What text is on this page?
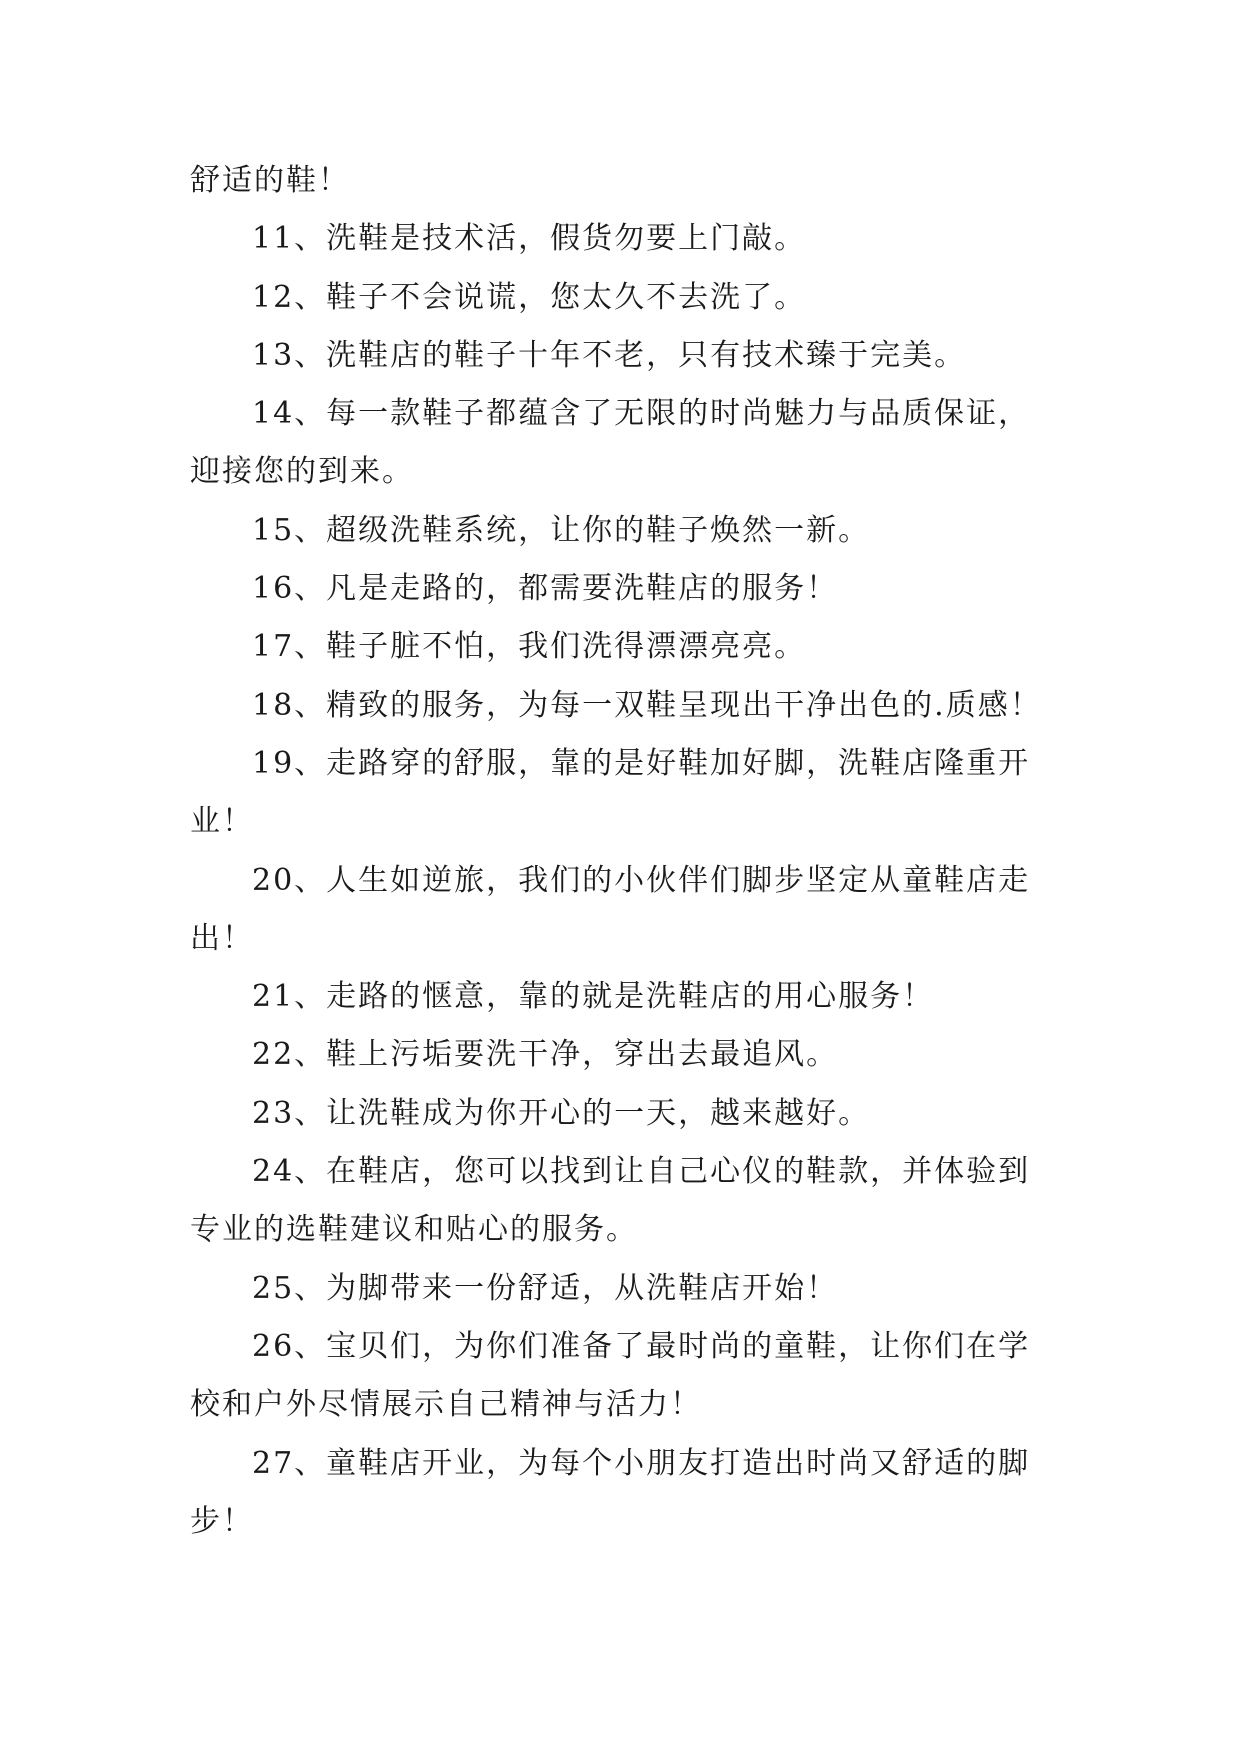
舒适的鞋！

11、洗鞋是技术活，假货勿要上门敲。

12、鞋子不会说谎，您太久不去洗了。

13、洗鞋店的鞋子十年不老，只有技术臻于完美。

14、每一款鞋子都蕴含了无限的时尚魅力与品质保证，

迎接您的到来。

15、超级洗鞋系统，让你的鞋子焕然一新。

16、凡是走路的，都需要洗鞋店的服务！

17、鞋子脏不怕，我们洗得漂漂亮亮。

18、精致的服务，为每一双鞋呈现出干净出色的.质感！

19、走路穿的舒服，靠的是好鞋加好脚，洗鞋店隆重开

业！

20、人生如逆旅，我们的小伙伴们脚步坚定从童鞋店走

出！

21、走路的惬意，靠的就是洗鞋店的用心服务！

22、鞋上污垢要洗干净，穿出去最追风。

23、让洗鞋成为你开心的一天，越来越好。

24、在鞋店，您可以找到让自己心仪的鞋款，并体验到

专业的选鞋建议和贴心的服务。

25、为脚带来一份舒适，从洗鞋店开始！

26、宝贝们，为你们准备了最时尚的童鞋，让你们在学

校和户外尽情展示自己精神与活力！

27、童鞋店开业，为每个小朋友打造出时尚又舒适的脚

步！
